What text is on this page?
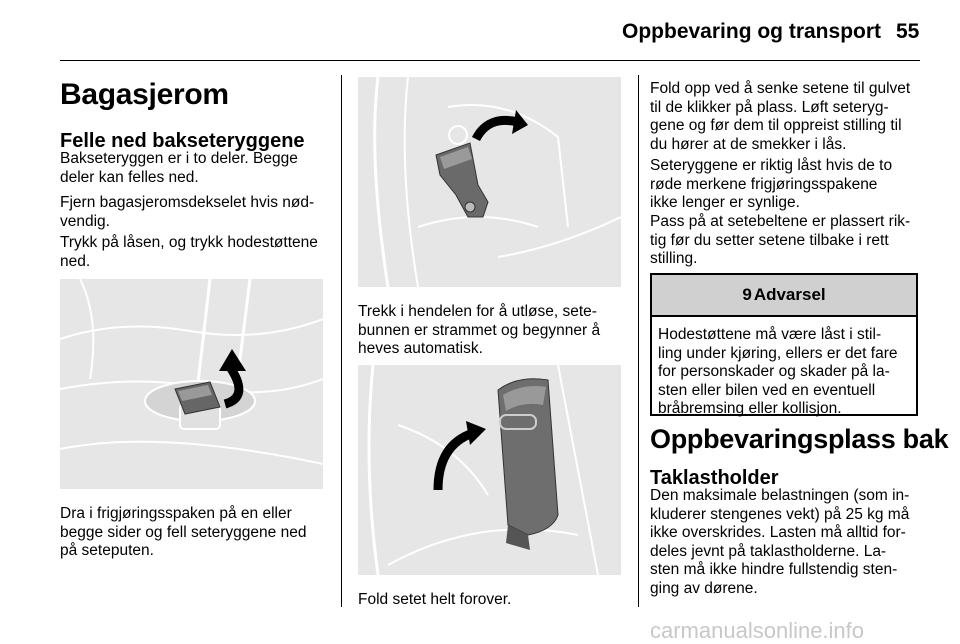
Oppbevaring og transport 55
Bagasjerom
Felle ned bakseteryggene
Bakseteryggen er i to deler. Begge
deler kan felles ned.
Fjern bagasjeromsdekselet hvis nød-
vendig.
Trykk på låsen, og trykk hodestøttene
ned.
Dra i frigjøringsspaken på en eller
begge sider og fell seteryggene ned
på seteputen.
Trekk i hendelen for å utløse, sete-
bunnen er strammet og begynner å
heves automatisk.
Fold setet helt forover.
Fold opp ved å senke setene til gulvet
til de klikker på plass. Løft seteryg-
gene og før dem til oppreist stilling til
du hører at de smekker i lås.
Seteryggene er riktig låst hvis de to
røde merkene frigjøringsspakene
ikke lenger er synlige.
Pass på at setebeltene er plassert rik-
tig før du setter setene tilbake i rett
stilling.
9 Advarsel
Hodestøttene må være låst i stil-
ling under kjøring, ellers er det fare
for personskader og skader på la-
sten eller bilen ved en eventuell
bråbremsing eller kollisjon.
Oppbevaringsplass bak
Taklastholder
Den maksimale belastningen (som in-
kluderer stengenes vekt) på 25 kg må
ikke overskrides. Lasten må alltid for-
deles jevnt på taklastholderne. La-
sten må ikke hindre fullstendig sten-
ging av dørene.
carmanualsonline.info
